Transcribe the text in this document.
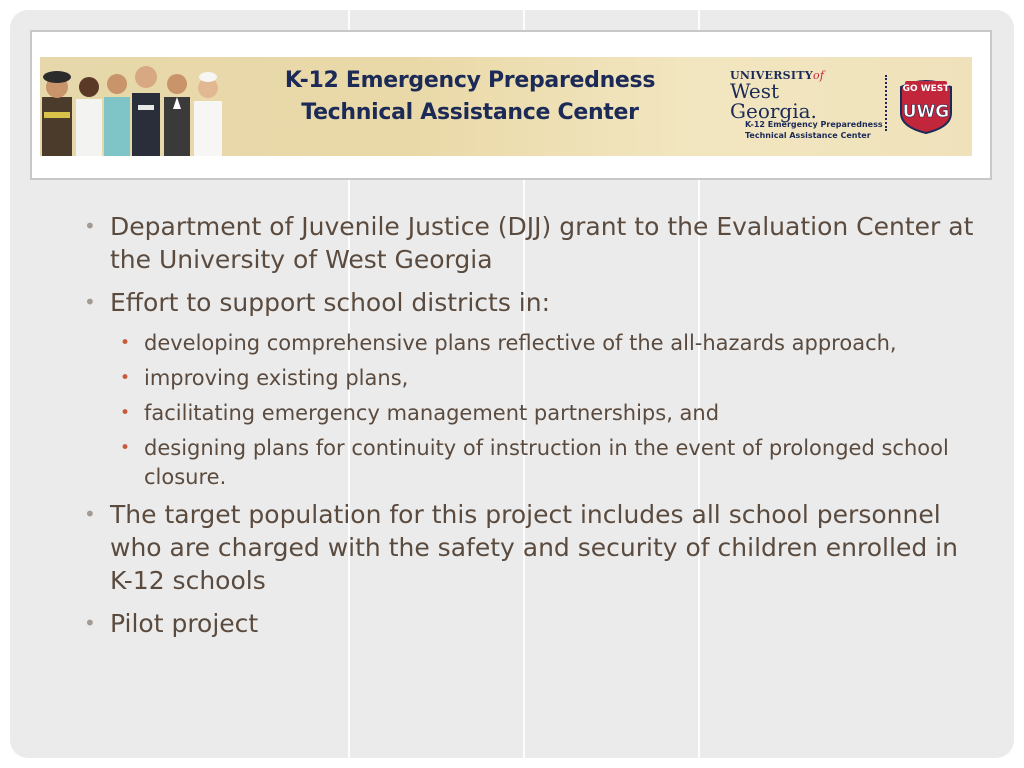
K-12 Emergency Preparedness
Technical Assistance Center
UNIVERSITYof
West Georgia.
K-12 Emergency Preparedness
Technical Assistance Center
GO WEST
UWG
• Department of Juvenile Justice (DJJ) grant to the Evaluation Center at the University of West Georgia
• Effort to support school districts in:
• developing comprehensive plans reflective of the all-hazards approach,
• improving existing plans,
• facilitating emergency management partnerships, and
• designing plans for continuity of instruction in the event of prolonged school closure.
• The target population for this project includes all school personnel who are charged with the safety and security of children enrolled in K-12 schools
• Pilot project
